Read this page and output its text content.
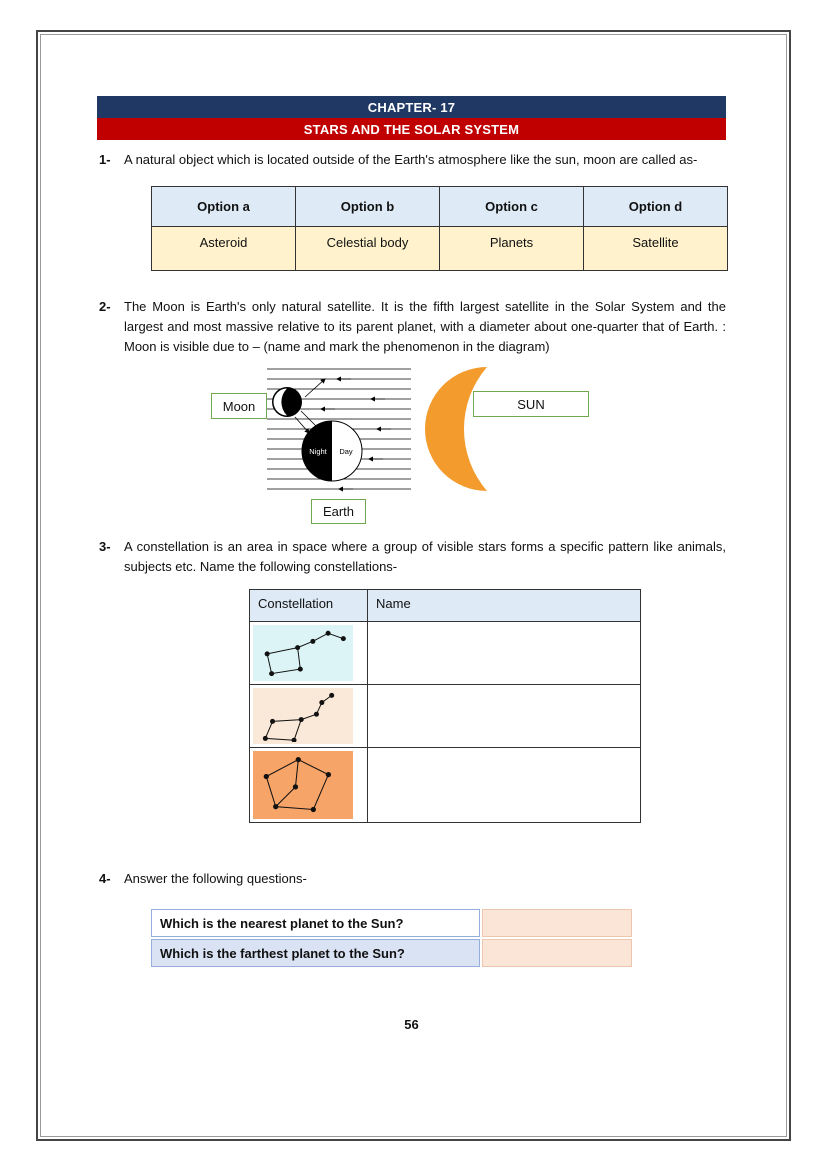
CHAPTER- 17
STARS AND THE SOLAR SYSTEM
1-	A natural object which is located outside of the Earth's atmosphere like the sun, moon are called as-
Option a	Option b	Option c	Option d
Asteroid	Celestial body	Planets	Satellite
2-	The Moon is Earth's only natural satellite. It is the fifth largest satellite in the Solar System and the largest and most massive relative to its parent planet, with a diameter about one-quarter that of Earth. : Moon is visible due to – (name and mark the phenomenon in the diagram)
Night Day
Moon	SUN
Earth
3-	A constellation is an area in space where a group of visible stars forms a specific pattern like animals, subjects etc. Name the following constellations-
Constellation	Name

4-	Answer the following questions-
Which is the nearest planet to the Sun?	
Which is the farthest planet to the Sun?	
56
